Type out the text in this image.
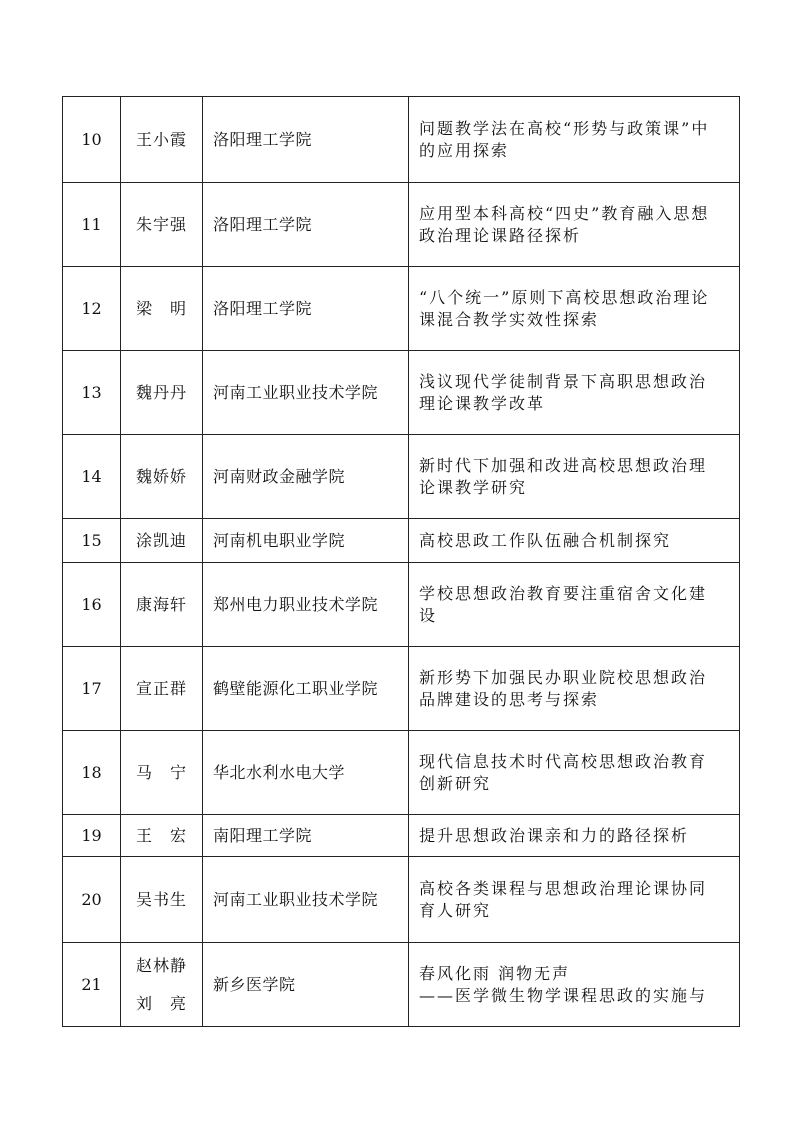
10	王小霞	洛阳理工学院	问题教学法在高校“形势与政策课”中
的应用探索

11	朱宇强	洛阳理工学院	应用型本科高校“四史”教育融入思想
政治理论课路径探析

12	梁　明	洛阳理工学院	“八个统一”原则下高校思想政治理论
课混合教学实效性探索

13	魏丹丹	河南工业职业技术学院	浅议现代学徒制背景下高职思想政治
理论课教学改革

14	魏娇娇	河南财政金融学院	新时代下加强和改进高校思想政治理
论课教学研究

15	涂凯迪	河南机电职业学院	高校思政工作队伍融合机制探究

16	康海轩	郑州电力职业技术学院	学校思想政治教育要注重宿舍文化建
设

17	宣正群	鹤壁能源化工职业学院	新形势下加强民办职业院校思想政治
品牌建设的思考与探索

18	马　宁	华北水利水电大学	现代信息技术时代高校思想政治教育
创新研究

19	王　宏	南阳理工学院	提升思想政治课亲和力的路径探析

20	吴书生	河南工业职业技术学院	高校各类课程与思想政治理论课协同
育人研究

21	赵林静
刘　亮	新乡医学院	春风化雨 润物无声
——医学微生物学课程思政的实施与
